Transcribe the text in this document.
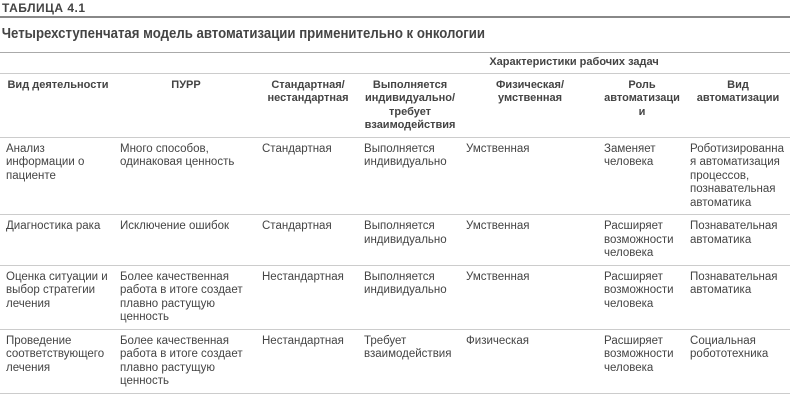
ТАБЛИЦА 4.1
Четырехступенчатая модель автоматизации применительно к онкологии
			Характеристики рабочих задач			
Вид деятельности	ПУРР	Стандартная/ нестандартная	Выполняется индивидуально/ требует взаимодействия	Физическая/умственная	Роль автоматизации	Вид автоматизации
Анализ информации о пациенте	Много способов, одинаковая ценность	Стандартная	Выполняется индивидуально	Умственная	Заменяет человека	Роботизированная автоматизация процессов, познавательная автоматика
Диагностика рака	Исключение ошибок	Стандартная	Выполняется индивидуально	Умственная	Расширяет возможности человека	Познавательная автоматика
Оценка ситуации и выбор стратегии лечения	Более качественная работа в итоге создает плавно растущую ценность	Нестандартная	Выполняется индивидуально	Умственная	Расширяет возможности человека	Познавательная автоматика
Проведение соответствующего лечения	Более качественная работа в итоге создает плавно растущую ценность	Нестандартная	Требует взаимодействия	Физическая	Расширяет возможности человека	Социальная робототехника
